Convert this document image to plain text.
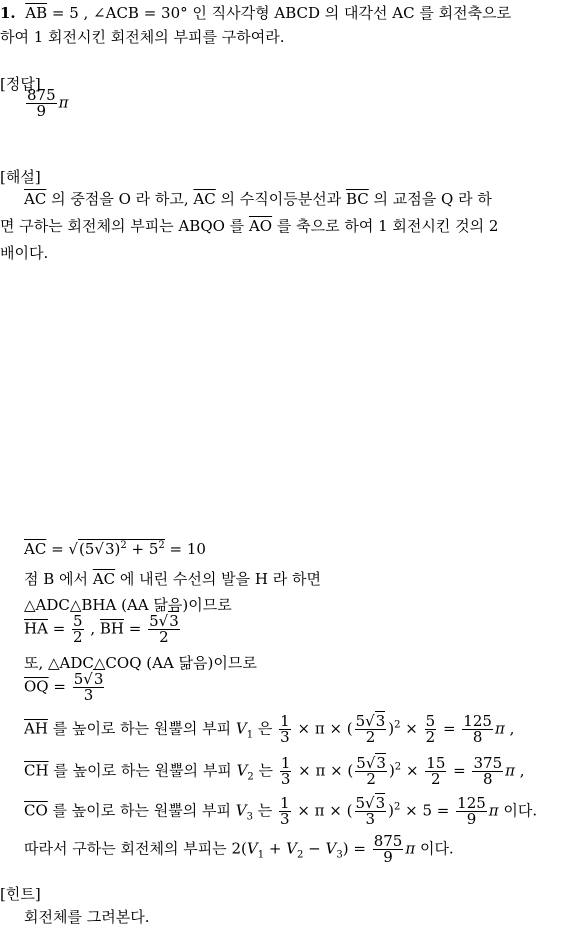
1. $\overline{AB} = 5$ , ∠ACB = 30° 인 직사각형 ABCD 의 대각선 AC 를 회전축으로
하여 1 회전시킨 회전체의 부피를 구하여라.
[정답]
$\frac{875}{9}$ π
[해설]
$\overline{AC}$ 의 중점을 O 라 하고, $\overline{AC}$ 의 수직이등분선과 $\overline{BC}$ 의 교점을 Q 라 하
면 구하는 회전체의 부피는 ABQO 를 $\overline{AO}$ 를 축으로 하여 1 회전시킨 것의 2
배이다.
$\overline{AC} = √(5√3)^2 + 5^2 = 10$
점 B 에서 $\overline{AC}$ 에 내린 수선의 발을 H 라 하면
△ADC△BHA (AA 닮음)이므로
$\overline{HA} = \frac{5}{2}$ , $\overline{BH} = \frac{5√3}{2}$
또, △ADC△COQ (AA 닮음)이므로
$\overline{OQ} = \frac{5√3}{3}$
$\overline{AH}$ 를 높이로 하는 원뿔의 부피 $V_1$ 은 $\frac{1}{3} \times \pi$ × ( $\frac{5√3}{2} )^2 \times \frac{5}{2} = \frac{125}{8}$ π ,
$\overline{CH}$ 를 높이로 하는 원뿔의 부피 $V_2$ 는 $\frac{1}{3} \times \pi$ × ( $\frac{5√3}{2} )^2 \times \frac{15}{2} = \frac{375}{8}$ π ,
$\overline{CO}$ 를 높이로 하는 원뿔의 부피 $V_3$ 는 $\frac{1}{3} \times \pi$ × ( $\frac{5√3}{3} )^2 \times 5 = \frac{125}{9}$ π 이다.
따라서 구하는 회전체의 부피는 $2(V_1 + V_2 - V_3) = \frac{875}{9}$ π 이다.
[힌트]
회전체를 그려본다.
